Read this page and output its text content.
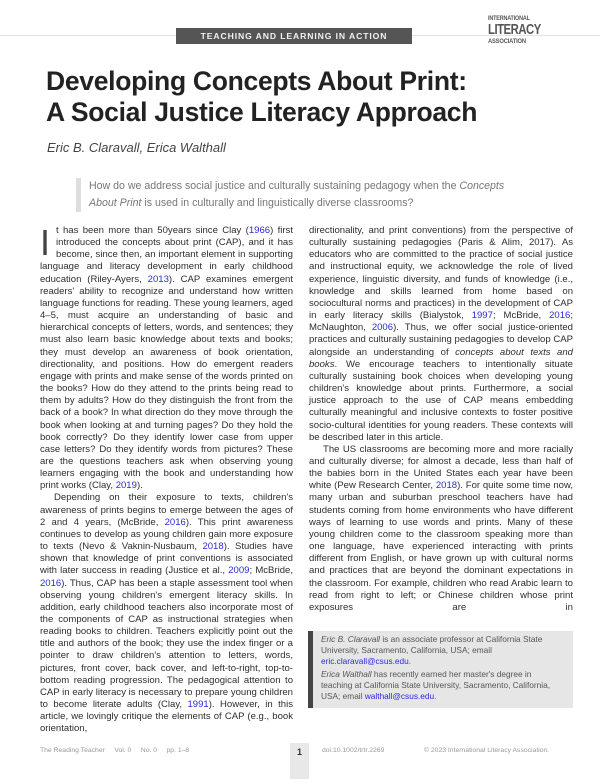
TEACHING AND LEARNING IN ACTION
INTERNATIONAL
LITERACY
ASSOCIATION
Developing Concepts About Print:
A Social Justice Literacy Approach
Eric B. Claravall, Erica Walthall
How do we address social justice and culturally sustaining pedagogy when the Concepts About Print is used in culturally and linguistically diverse classrooms?

It has been more than 50years since Clay (1966) first introduced the concepts about print (CAP), and it has become, since then, an important element in supporting language and literacy development in early childhood education (Riley-Ayers, 2013). CAP examines emergent readers' ability to recognize and understand how written language functions for reading. These young learners, aged 4–5, must acquire an understanding of basic and hierarchical concepts of letters, words, and sentences; they must also learn basic knowledge about texts and books; they must develop an awareness of book orientation, directionality, and positions. How do emergent readers engage with prints and make sense of the words printed on the books? How do they attend to the prints being read to them by adults? How do they distinguish the front from the back of a book? In what direction do they move through the book when looking at and turning pages? Do they hold the book correctly? Do they identify lower case from upper case letters? Do they identify words from pictures? These are the questions teachers ask when observing young learners engaging with the book and understanding how print works (Clay, 2019).

Depending on their exposure to texts, children's awareness of prints begins to emerge between the ages of 2 and 4 years, (McBride, 2016). This print awareness continues to develop as young children gain more exposure to texts (Nevo & Vaknin-Nusbaum, 2018). Studies have shown that knowledge of print conventions is associated with later success in reading (Justice et al., 2009; McBride, 2016). Thus, CAP has been a staple assessment tool when observing young children's emergent literacy skills. In addition, early childhood teachers also incorporate most of the components of CAP as instructional strategies when reading books to children. Teachers explicitly point out the title and authors of the book; they use the index finger or a pointer to draw children's attention to letters, words, pictures, front cover, back cover, and left-to-right, top-to-bottom reading progression. The pedagogical attention to CAP in early literacy is necessary to prepare young children to become literate adults (Clay, 1991). However, in this article, we lovingly critique the elements of CAP (e.g., book orientation,

directionality, and print conventions) from the perspective of culturally sustaining pedagogies (Paris & Alim, 2017). As educators who are committed to the practice of social justice and instructional equity, we acknowledge the role of lived experience, linguistic diversity, and funds of knowledge (i.e., knowledge and skills learned from home based on sociocultural norms and practices) in the development of CAP in early literacy skills (Bialystok, 1997; McBride, 2016; McNaughton, 2006). Thus, we offer social justice-oriented practices and culturally sustaining pedagogies to develop CAP alongside an understanding of concepts about texts and books. We encourage teachers to intentionally situate culturally sustaining book choices when developing young children's knowledge about prints. Furthermore, a social justice approach to the use of CAP means embedding culturally meaningful and inclusive contexts to foster positive socio-cultural identities for young readers. These contexts will be described later in this article.

The US classrooms are becoming more and more racially and culturally diverse; for almost a decade, less than half of the babies born in the United States each year have been white (Pew Research Center, 2018). For quite some time now, many urban and suburban preschool teachers have had students coming from home environments who have different ways of learning to use words and prints. Many of these young children come to the classroom speaking more than one language, have experienced interacting with prints different from English, or have grown up with cultural norms and practices that are beyond the dominant expectations in the classroom. For example, children who read Arabic learn to read from right to left; or Chinese children whose print exposures are in

Eric B. Claravall is an associate professor at California State University, Sacramento, California, USA; email eric.claravall@csus.edu.

Erica Walthall has recently earned her master's degree in teaching at California State University, Sacramento, California, USA; email walthall@csus.edu.

The Reading Teacher Vol. 0 No. 0 pp. 1–8	1	doi:10.1002/trtr.2269	© 2023 International Literacy Association.
